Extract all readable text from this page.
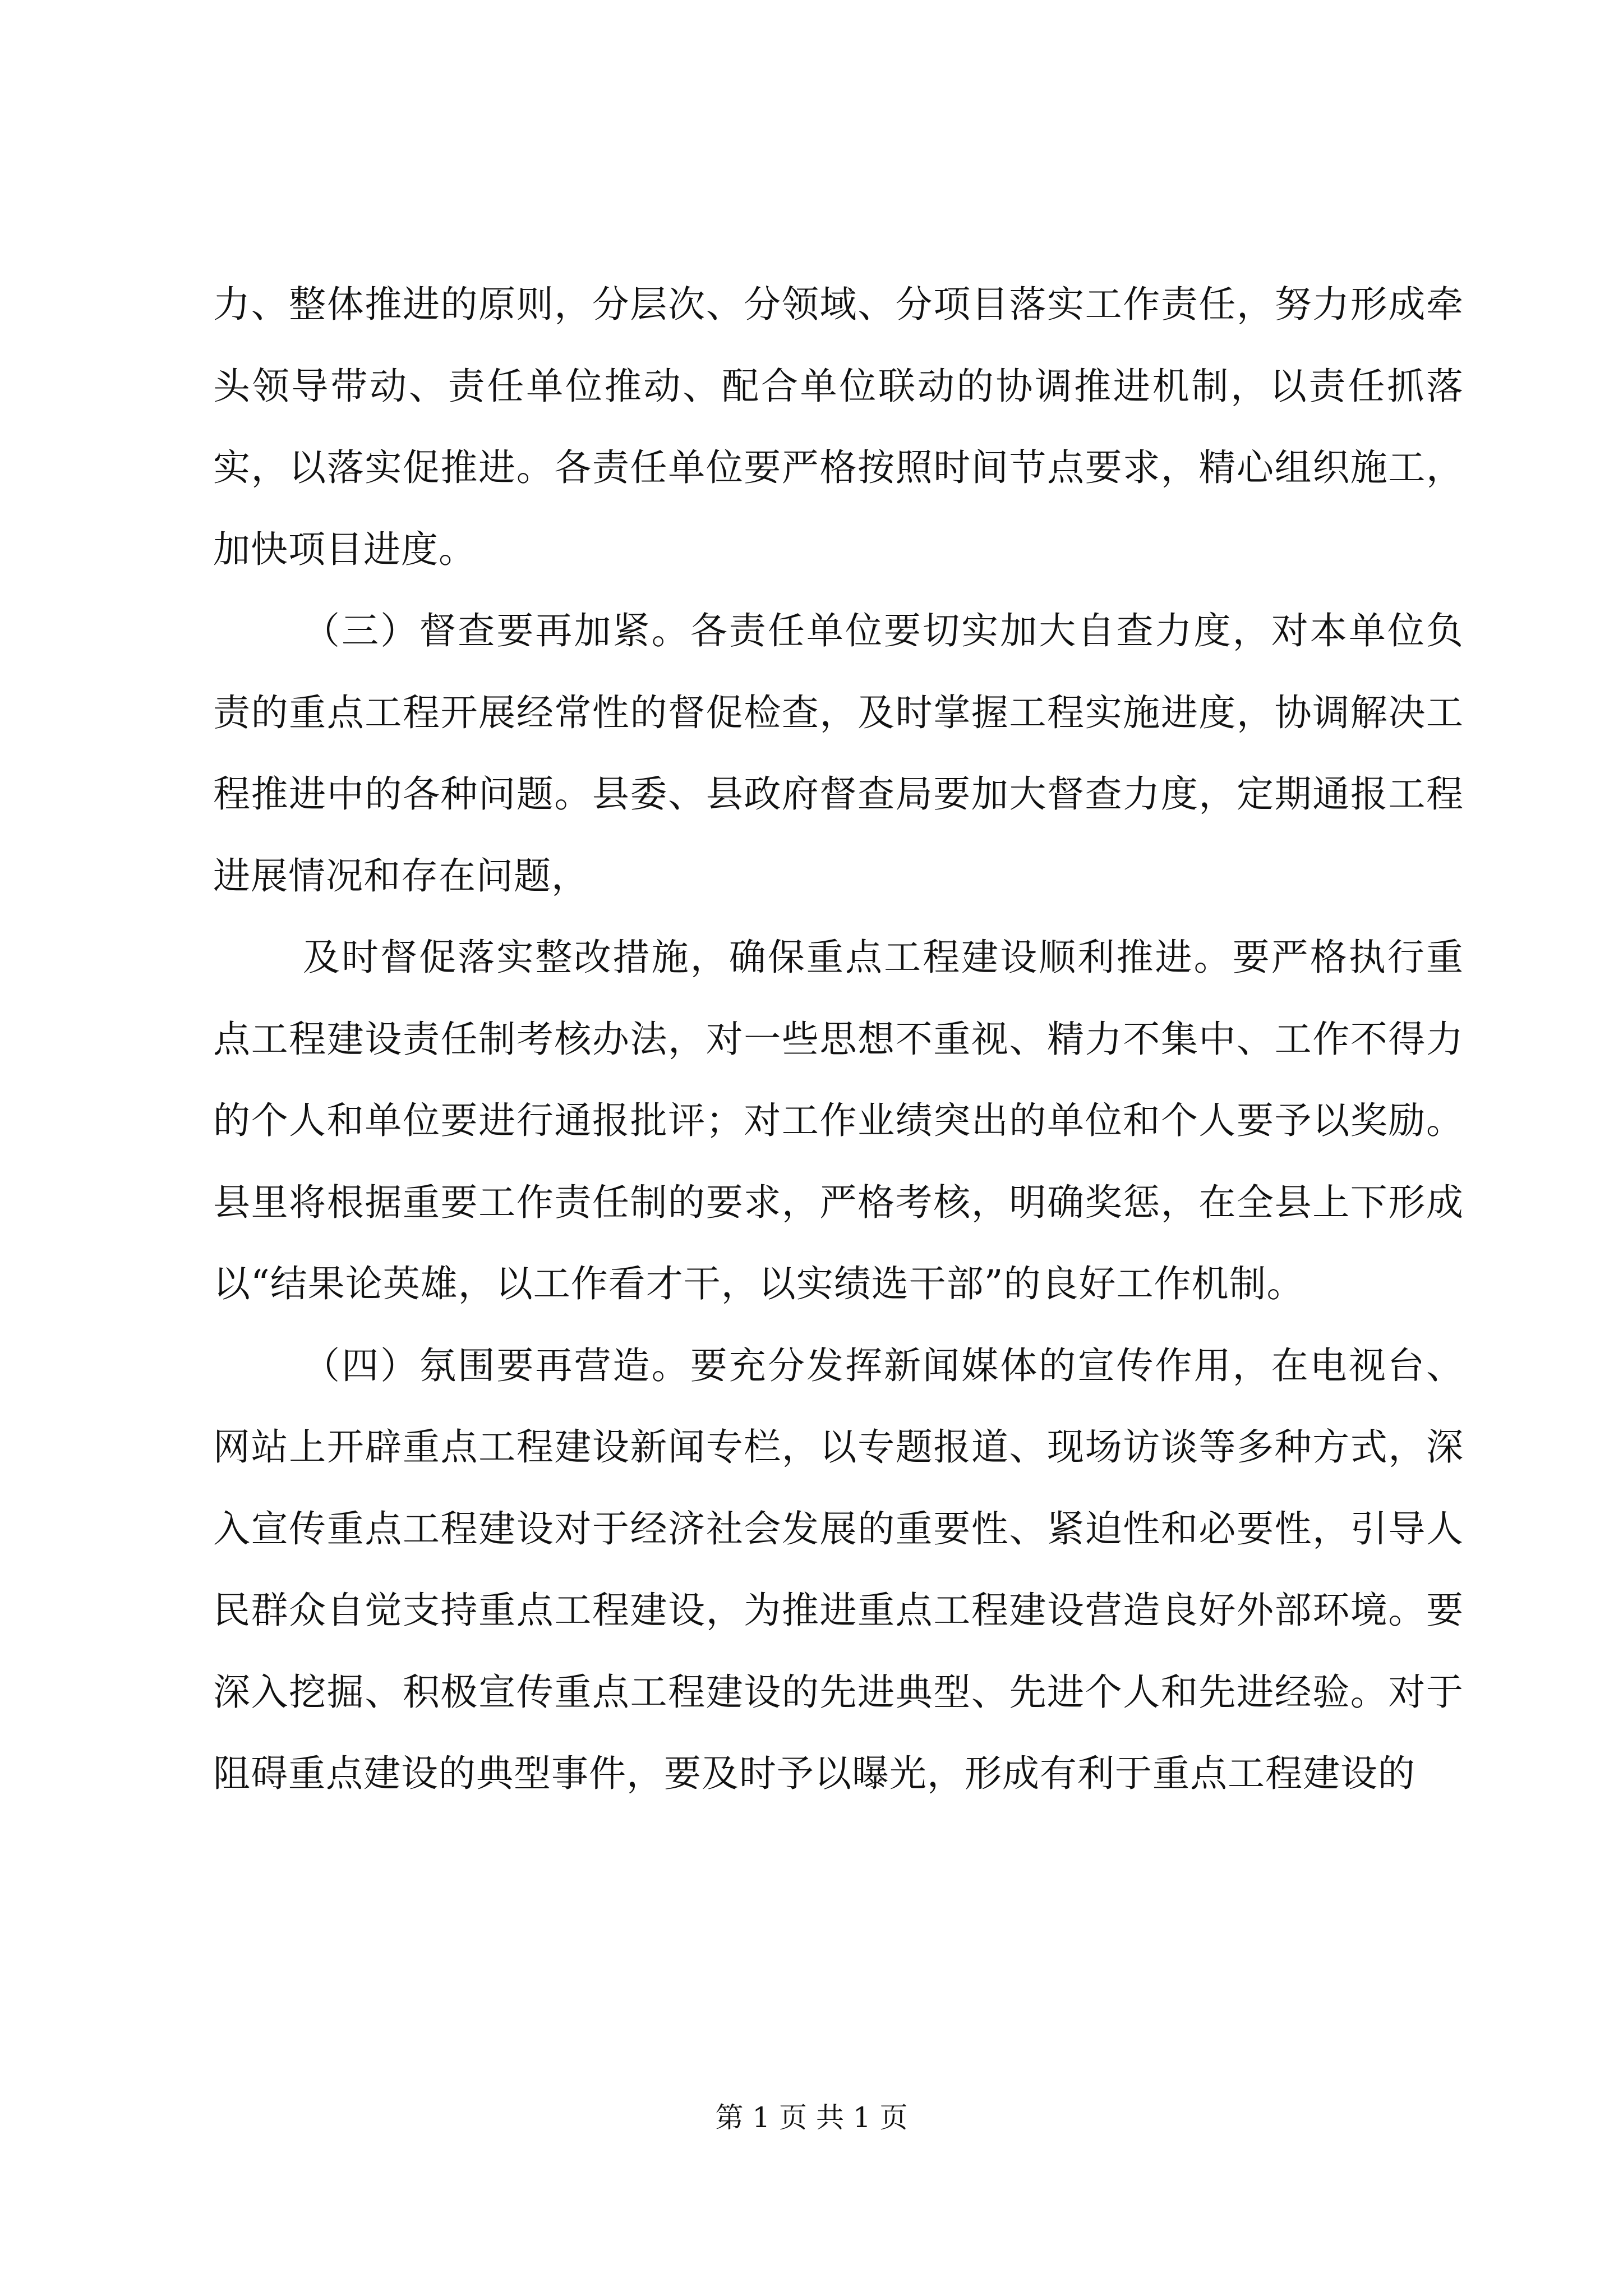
力、整体推进的原则，分层次、分领域、分项目落实工作责任，努力形成牵头领导带动、责任单位推动、配合单位联动的协调推进机制，以责任抓落实，以落实促推进。各责任单位要严格按照时间节点要求，精心组织施工，加快项目进度。

（三）督查要再加紧。各责任单位要切实加大自查力度，对本单位负责的重点工程开展经常性的督促检查，及时掌握工程实施进度，协调解决工程推进中的各种问题。县委、县政府督查局要加大督查力度，定期通报工程进展情况和存在问题，

及时督促落实整改措施，确保重点工程建设顺利推进。要严格执行重点工程建设责任制考核办法，对一些思想不重视、精力不集中、工作不得力的个人和单位要进行通报批评；对工作业绩突出的单位和个人要予以奖励。县里将根据重要工作责任制的要求，严格考核，明确奖惩，在全县上下形成以“结果论英雄，以工作看才干，以实绩选干部”的良好工作机制。

（四）氛围要再营造。要充分发挥新闻媒体的宣传作用，在电视台、网站上开辟重点工程建设新闻专栏，以专题报道、现场访谈等多种方式，深入宣传重点工程建设对于经济社会发展的重要性、紧迫性和必要性，引导人民群众自觉支持重点工程建设，为推进重点工程建设营造良好外部环境。要深入挖掘、积极宣传重点工程建设的先进典型、先进个人和先进经验。对于阻碍重点建设的典型事件，要及时予以曝光，形成有利于重点工程建设的

第 1 页 共 1 页
